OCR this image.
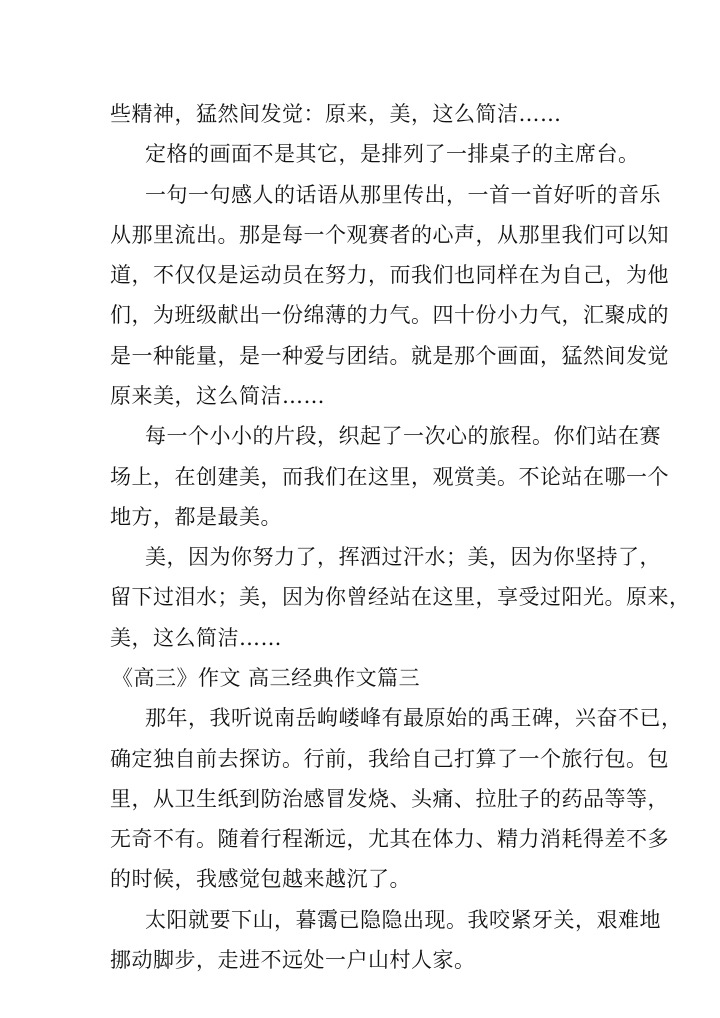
些精神，猛然间发觉：原来，美，这么简洁……
定格的画面不是其它，是排列了一排桌子的主席台。
一句一句感人的话语从那里传出，一首一首好听的音乐
从那里流出。那是每一个观赛者的心声，从那里我们可以知
道，不仅仅是运动员在努力，而我们也同样在为自己，为他
们，为班级献出一份绵薄的力气。四十份小力气，汇聚成的
是一种能量，是一种爱与团结。就是那个画面，猛然间发觉
原来美，这么简洁……
每一个小小的片段，织起了一次心的旅程。你们站在赛
场上，在创建美，而我们在这里，观赏美。不论站在哪一个
地方，都是最美。
美，因为你努力了，挥洒过汗水；美，因为你坚持了，
留下过泪水；美，因为你曾经站在这里，享受过阳光。原来，
美，这么简洁……
《高三》作文 高三经典作文篇三
那年，我听说南岳岣嵝峰有最原始的禹王碑，兴奋不已，
确定独自前去探访。行前，我给自己打算了一个旅行包。包
里，从卫生纸到防治感冒发烧、头痛、拉肚子的药品等等，
无奇不有。随着行程渐远，尤其在体力、精力消耗得差不多
的时候，我感觉包越来越沉了。
太阳就要下山，暮霭已隐隐出现。我咬紧牙关，艰难地
挪动脚步，走进不远处一户山村人家。
